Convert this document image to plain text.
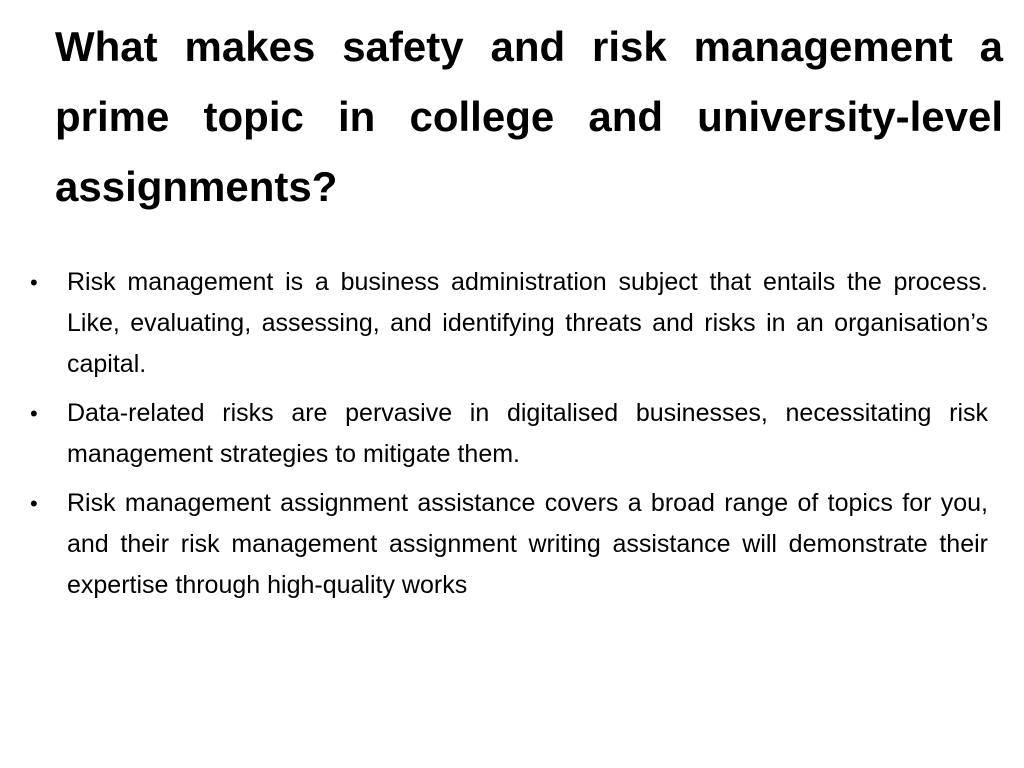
What makes safety and risk management a prime topic in college and university-level assignments?
•	Risk management is a business administration subject that entails the process. Like, evaluating, assessing, and identifying threats and risks in an organisation’s capital.
•	Data-related risks are pervasive in digitalised businesses, necessitating risk management strategies to mitigate them.
•	Risk management assignment assistance covers a broad range of topics for you, and their risk management assignment writing assistance will demonstrate their expertise through high-quality works
